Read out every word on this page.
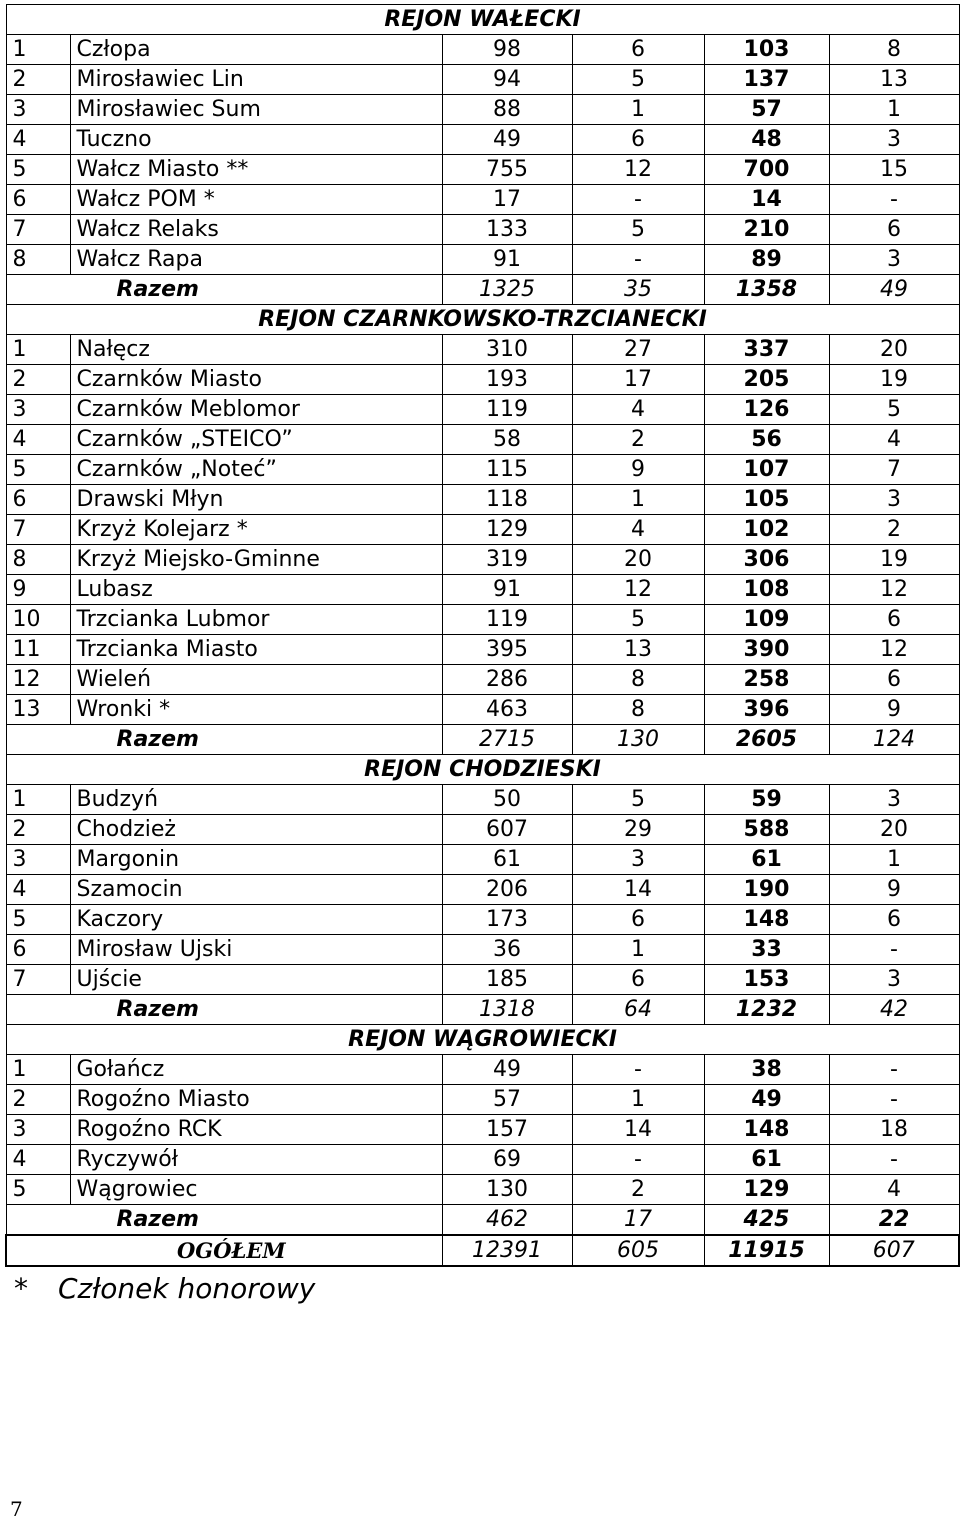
REJON WAŁECKI					
1	Człopa	98	6	103	8
2	Mirosławiec Lin	94	5	137	13
3	Mirosławiec Sum	88	1	57	1
4	Tuczno	49	6	48	3
5	Wałcz Miasto **	755	12	700	15
6	Wałcz POM *	17	-	14	-
7	Wałcz Relaks	133	5	210	6
8	Wałcz Rapa	91	-	89	3
Razem		1325	35	1358	49
REJON CZARNKOWSKO-TRZCIANECKI					
1	Nałęcz	310	27	337	20
2	Czarnków Miasto	193	17	205	19
3	Czarnków Meblomor	119	4	126	5
4	Czarnków „STEICO”	58	2	56	4
5	Czarnków „Noteć”	115	9	107	7
6	Drawski Młyn	118	1	105	3
7	Krzyż Kolejarz *	129	4	102	2
8	Krzyż Miejsko-Gminne	319	20	306	19
9	Lubasz	91	12	108	12
10	Trzcianka Lubmor	119	5	109	6
11	Trzcianka Miasto	395	13	390	12
12	Wieleń	286	8	258	6
13	Wronki *	463	8	396	9
Razem		2715	130	2605	124
REJON CHODZIESKI					
1	Budzyń	50	5	59	3
2	Chodzież	607	29	588	20
3	Margonin	61	3	61	1
4	Szamocin	206	14	190	9
5	Kaczory	173	6	148	6
6	Mirosław Ujski	36	1	33	-
7	Ujście	185	6	153	3
Razem		1318	64	1232	42
REJON WĄGROWIECKI					
1	Gołańcz	49	-	38	-
2	Rogoźno Miasto	57	1	49	-
3	Rogoźno RCK	157	14	148	18
4	Ryczywół	69	-	61	-
5	Wągrowiec	130	2	129	4
Razem		462	17	425	22
OGÓŁEM		12391	605	11915	607
* Członek honorowy
7
